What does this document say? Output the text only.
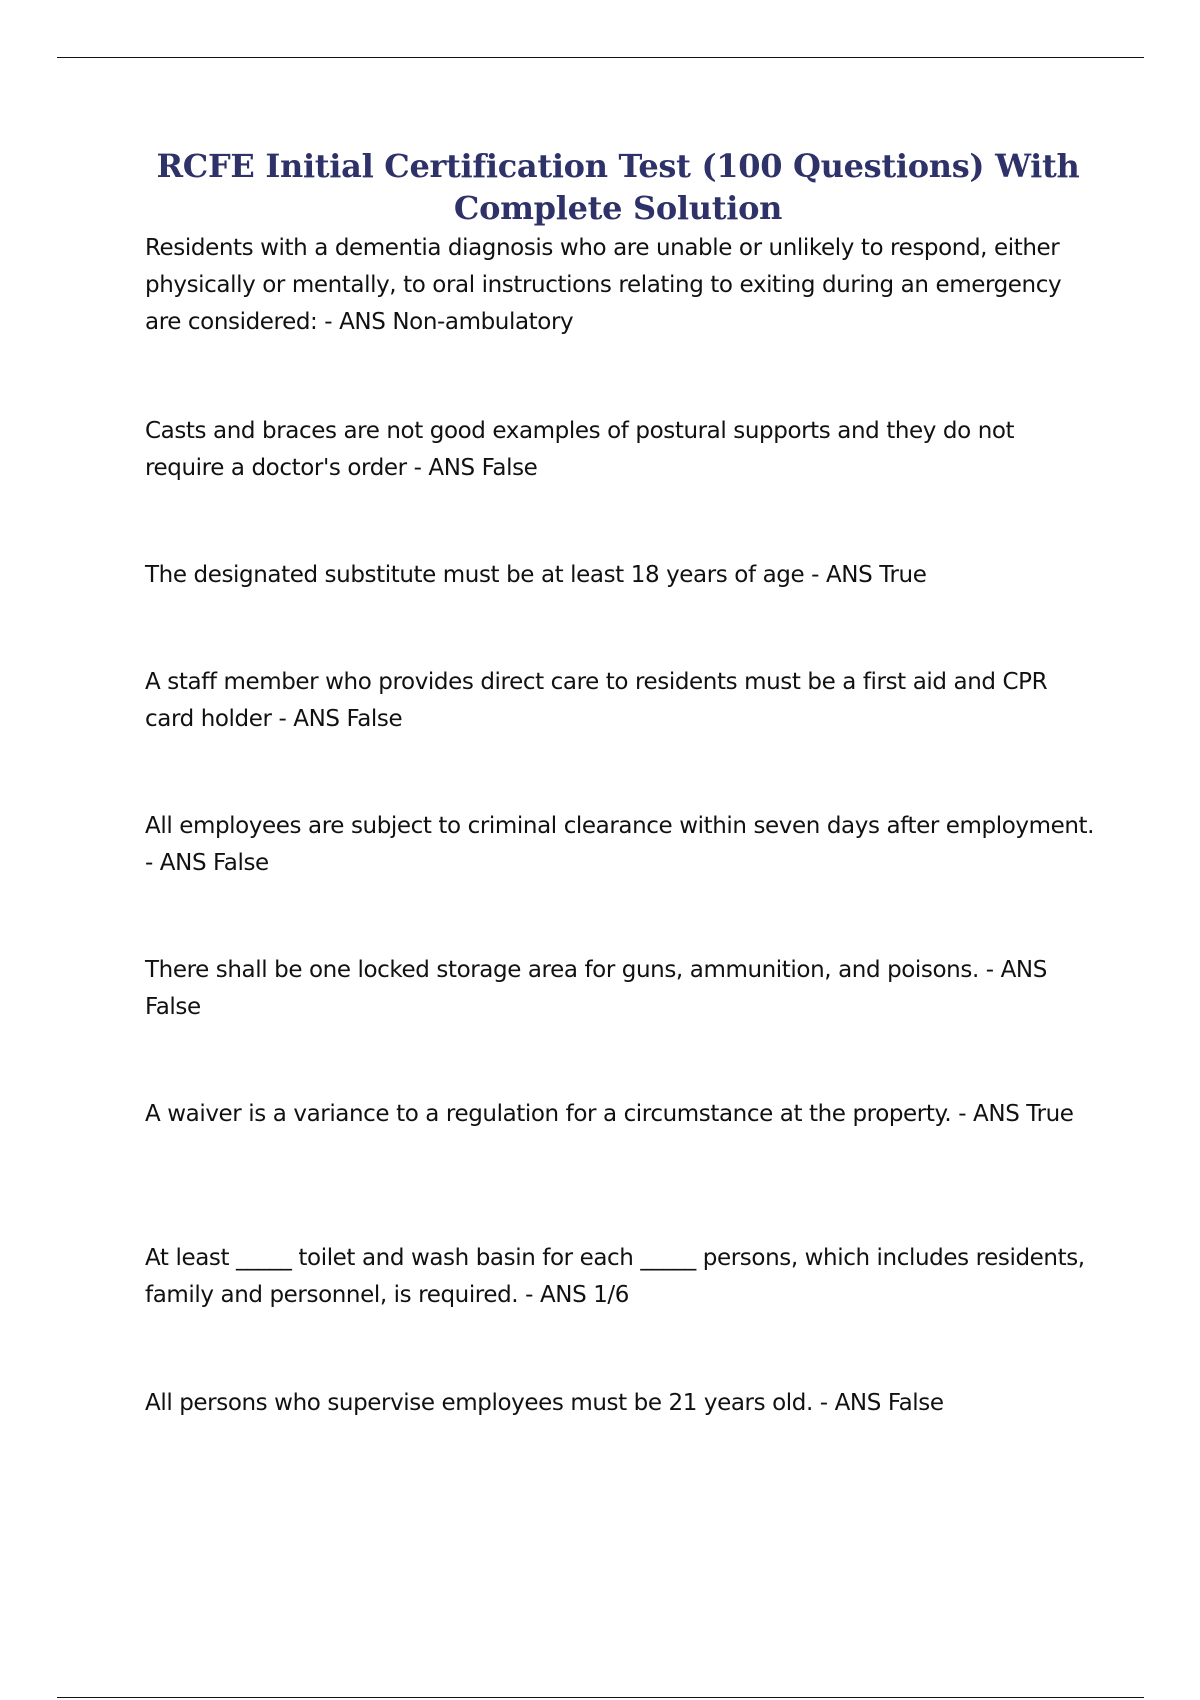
RCFE Initial Certification Test (100 Questions) With Complete Solution

Residents with a dementia diagnosis who are unable or unlikely to respond, either physically or mentally, to oral instructions relating to exiting during an emergency are considered: - ANS Non-ambulatory

Casts and braces are not good examples of postural supports and they do not require a doctor's order - ANS False

The designated substitute must be at least 18 years of age - ANS True

A staff member who provides direct care to residents must be a first aid and CPR card holder - ANS False

All employees are subject to criminal clearance within seven days after employment. - ANS False

There shall be one locked storage area for guns, ammunition, and poisons. - ANS False

A waiver is a variance to a regulation for a circumstance at the property. - ANS True

At least _____ toilet and wash basin for each _____ persons, which includes residents, family and personnel, is required. - ANS 1/6

All persons who supervise employees must be 21 years old. - ANS False
